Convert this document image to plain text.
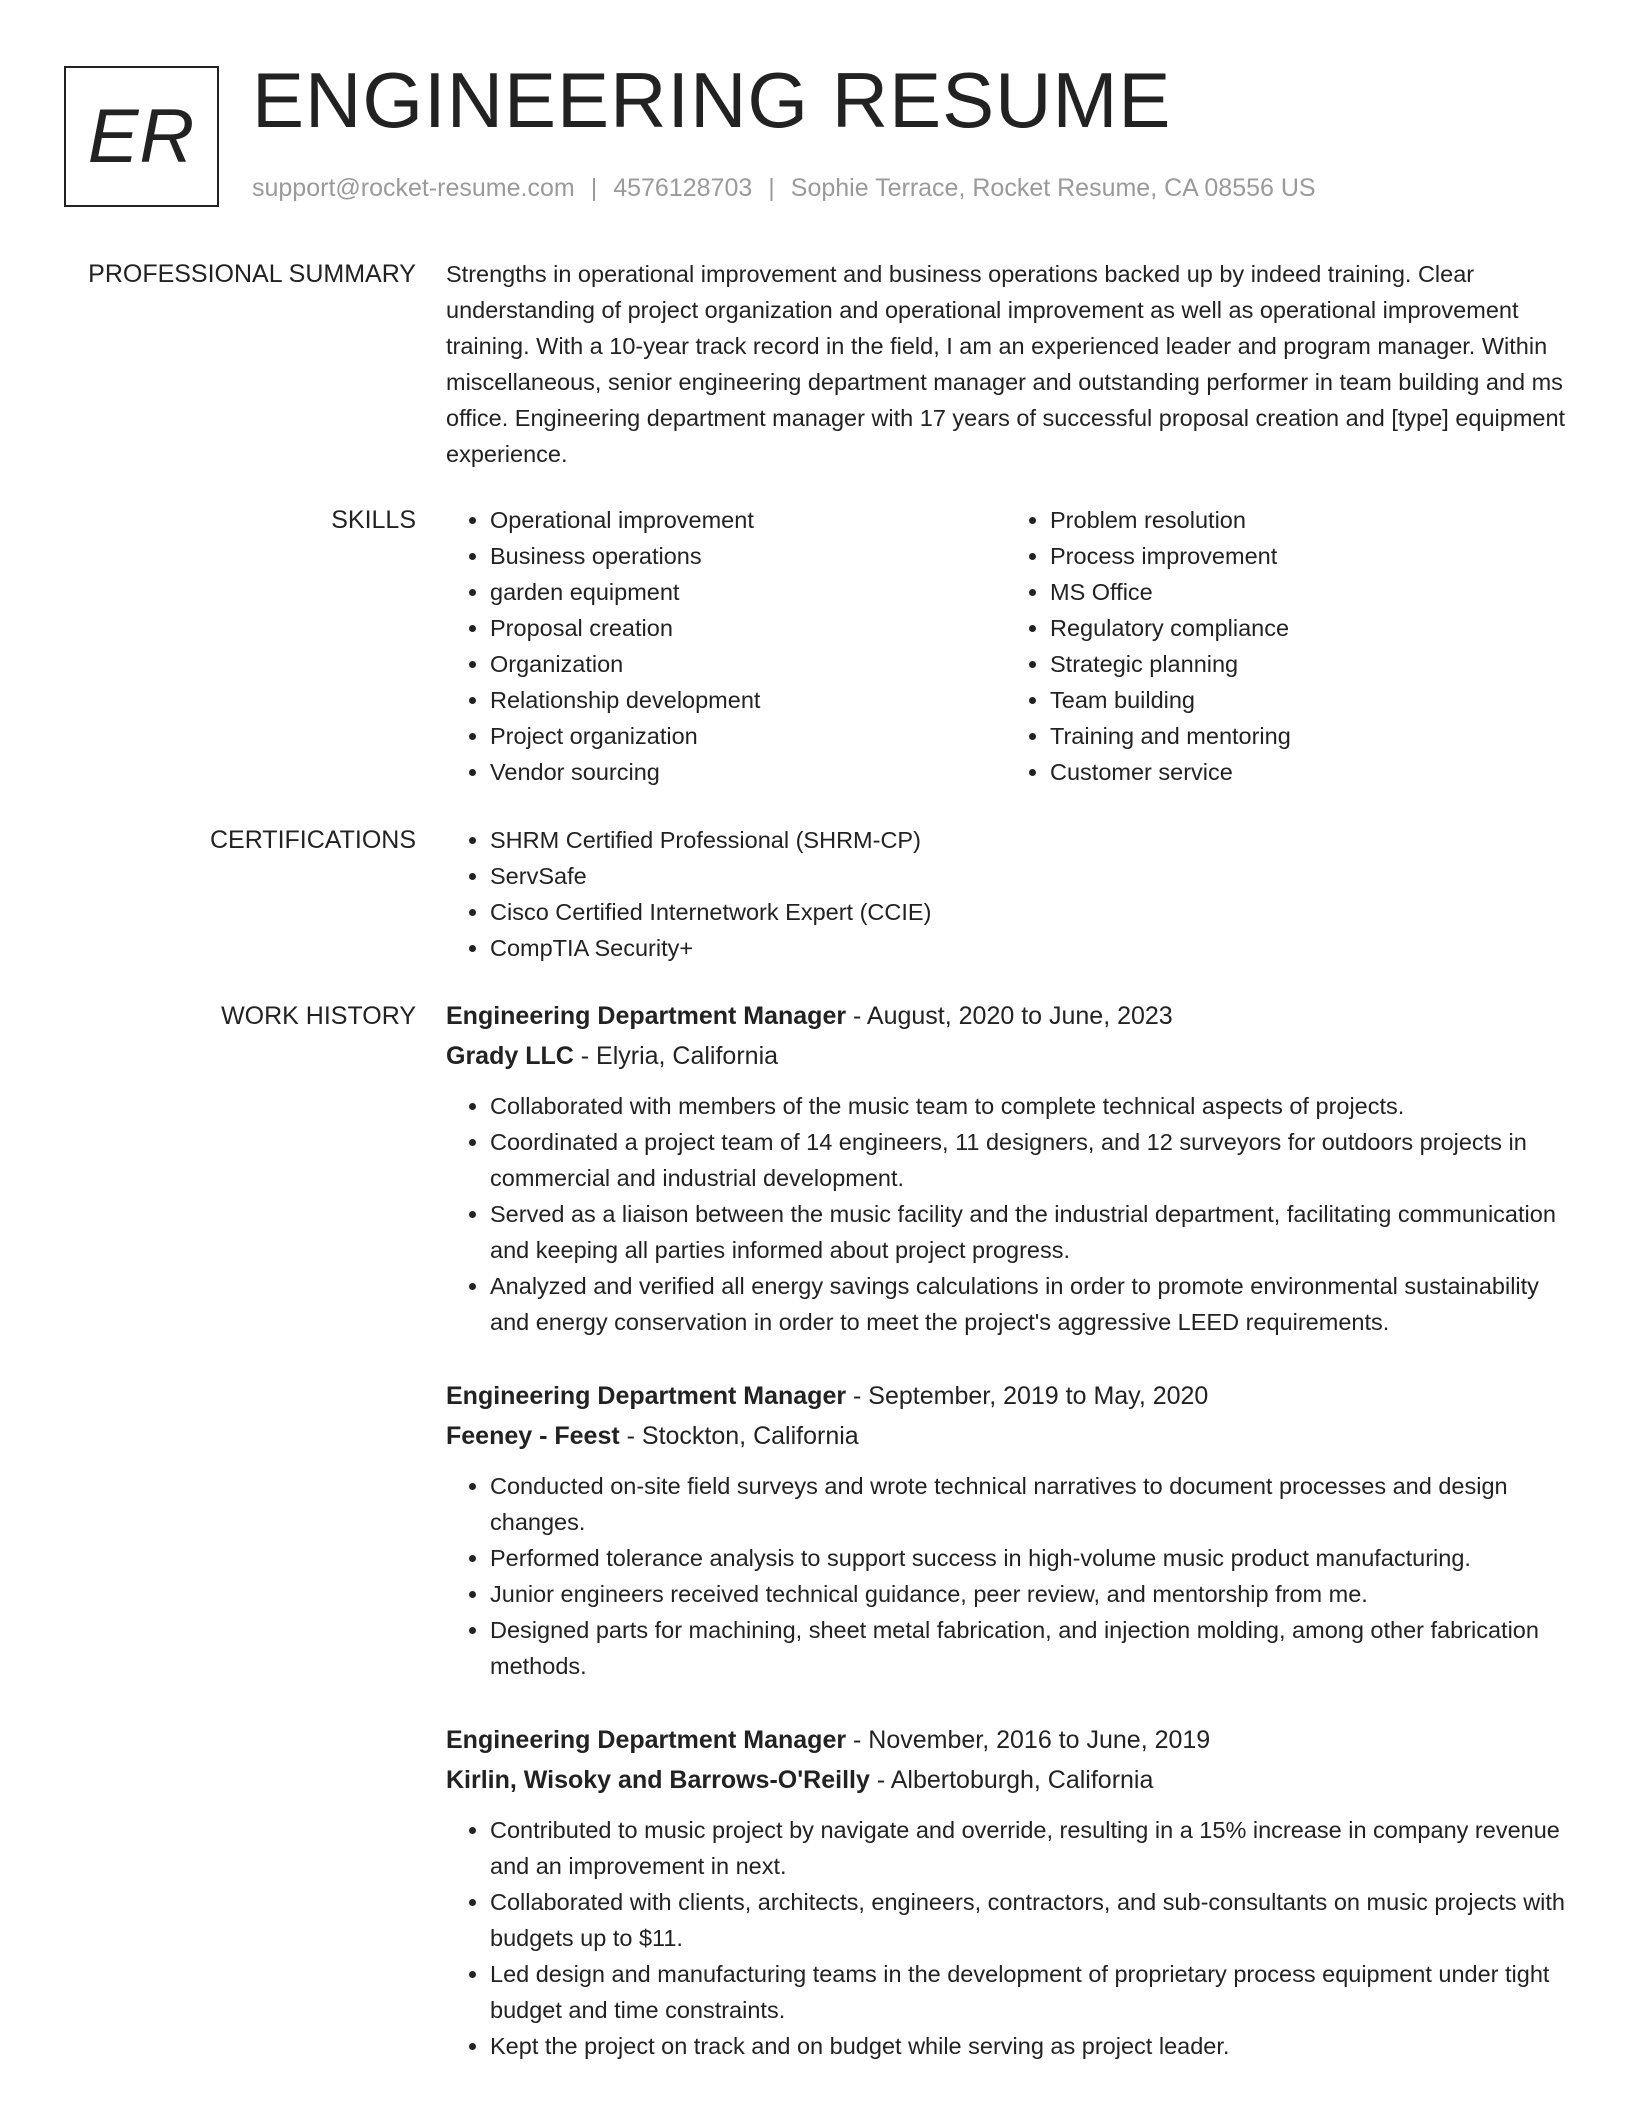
ER ENGINEERING RESUME
support@rocket-resume.com | 4576128703 | Sophie Terrace, Rocket Resume, CA 08556 US
PROFESSIONAL SUMMARY Strengths in operational improvement and business operations backed up by indeed training. Clear understanding of project organization and operational improvement as well as operational improvement training. With a 10-year track record in the field, I am an experienced leader and program manager. Within miscellaneous, senior engineering department manager and outstanding performer in team building and ms office. Engineering department manager with 17 years of successful proposal creation and [type] equipment experience.

SKILLS	• Operational improvement
• Business operations
• garden equipment
• Proposal creation
• Organization
• Relationship development
• Project organization
• Vendor sourcing
• Problem resolution
• Process improvement
• MS Office
• Regulatory compliance
• Strategic planning
• Team building
• Training and mentoring
• Customer service
CERTIFICATIONS	• SHRM Certified Professional (SHRM-CP)
• ServSafe
• Cisco Certified Internetwork Expert (CCIE)
• CompTIA Security+
WORK HISTORY Engineering Department Manager - August, 2020 to June, 2023
Grady LLC - Elyria, California
• Collaborated with members of the music team to complete technical aspects of projects.
• Coordinated a project team of 14 engineers, 11 designers, and 12 surveyors for outdoors projects in commercial and industrial development.
• Served as a liaison between the music facility and the industrial department, facilitating communication and keeping all parties informed about project progress.
• Analyzed and verified all energy savings calculations in order to promote environmental sustainability and energy conservation in order to meet the project's aggressive LEED requirements.
Engineering Department Manager - September, 2019 to May, 2020
Feeney - Feest - Stockton, California
• Conducted on-site field surveys and wrote technical narratives to document processes and design changes.
• Performed tolerance analysis to support success in high-volume music product manufacturing.
• Junior engineers received technical guidance, peer review, and mentorship from me.
• Designed parts for machining, sheet metal fabrication, and injection molding, among other fabrication methods.
Engineering Department Manager - November, 2016 to June, 2019
Kirlin, Wisoky and Barrows-O'Reilly - Albertoburgh, California
• Contributed to music project by navigate and override, resulting in a 15% increase in company revenue and an improvement in next.
• Collaborated with clients, architects, engineers, contractors, and sub-consultants on music projects with budgets up to $11.
• Led design and manufacturing teams in the development of proprietary process equipment under tight budget and time constraints.
• Kept the project on track and on budget while serving as project leader.
